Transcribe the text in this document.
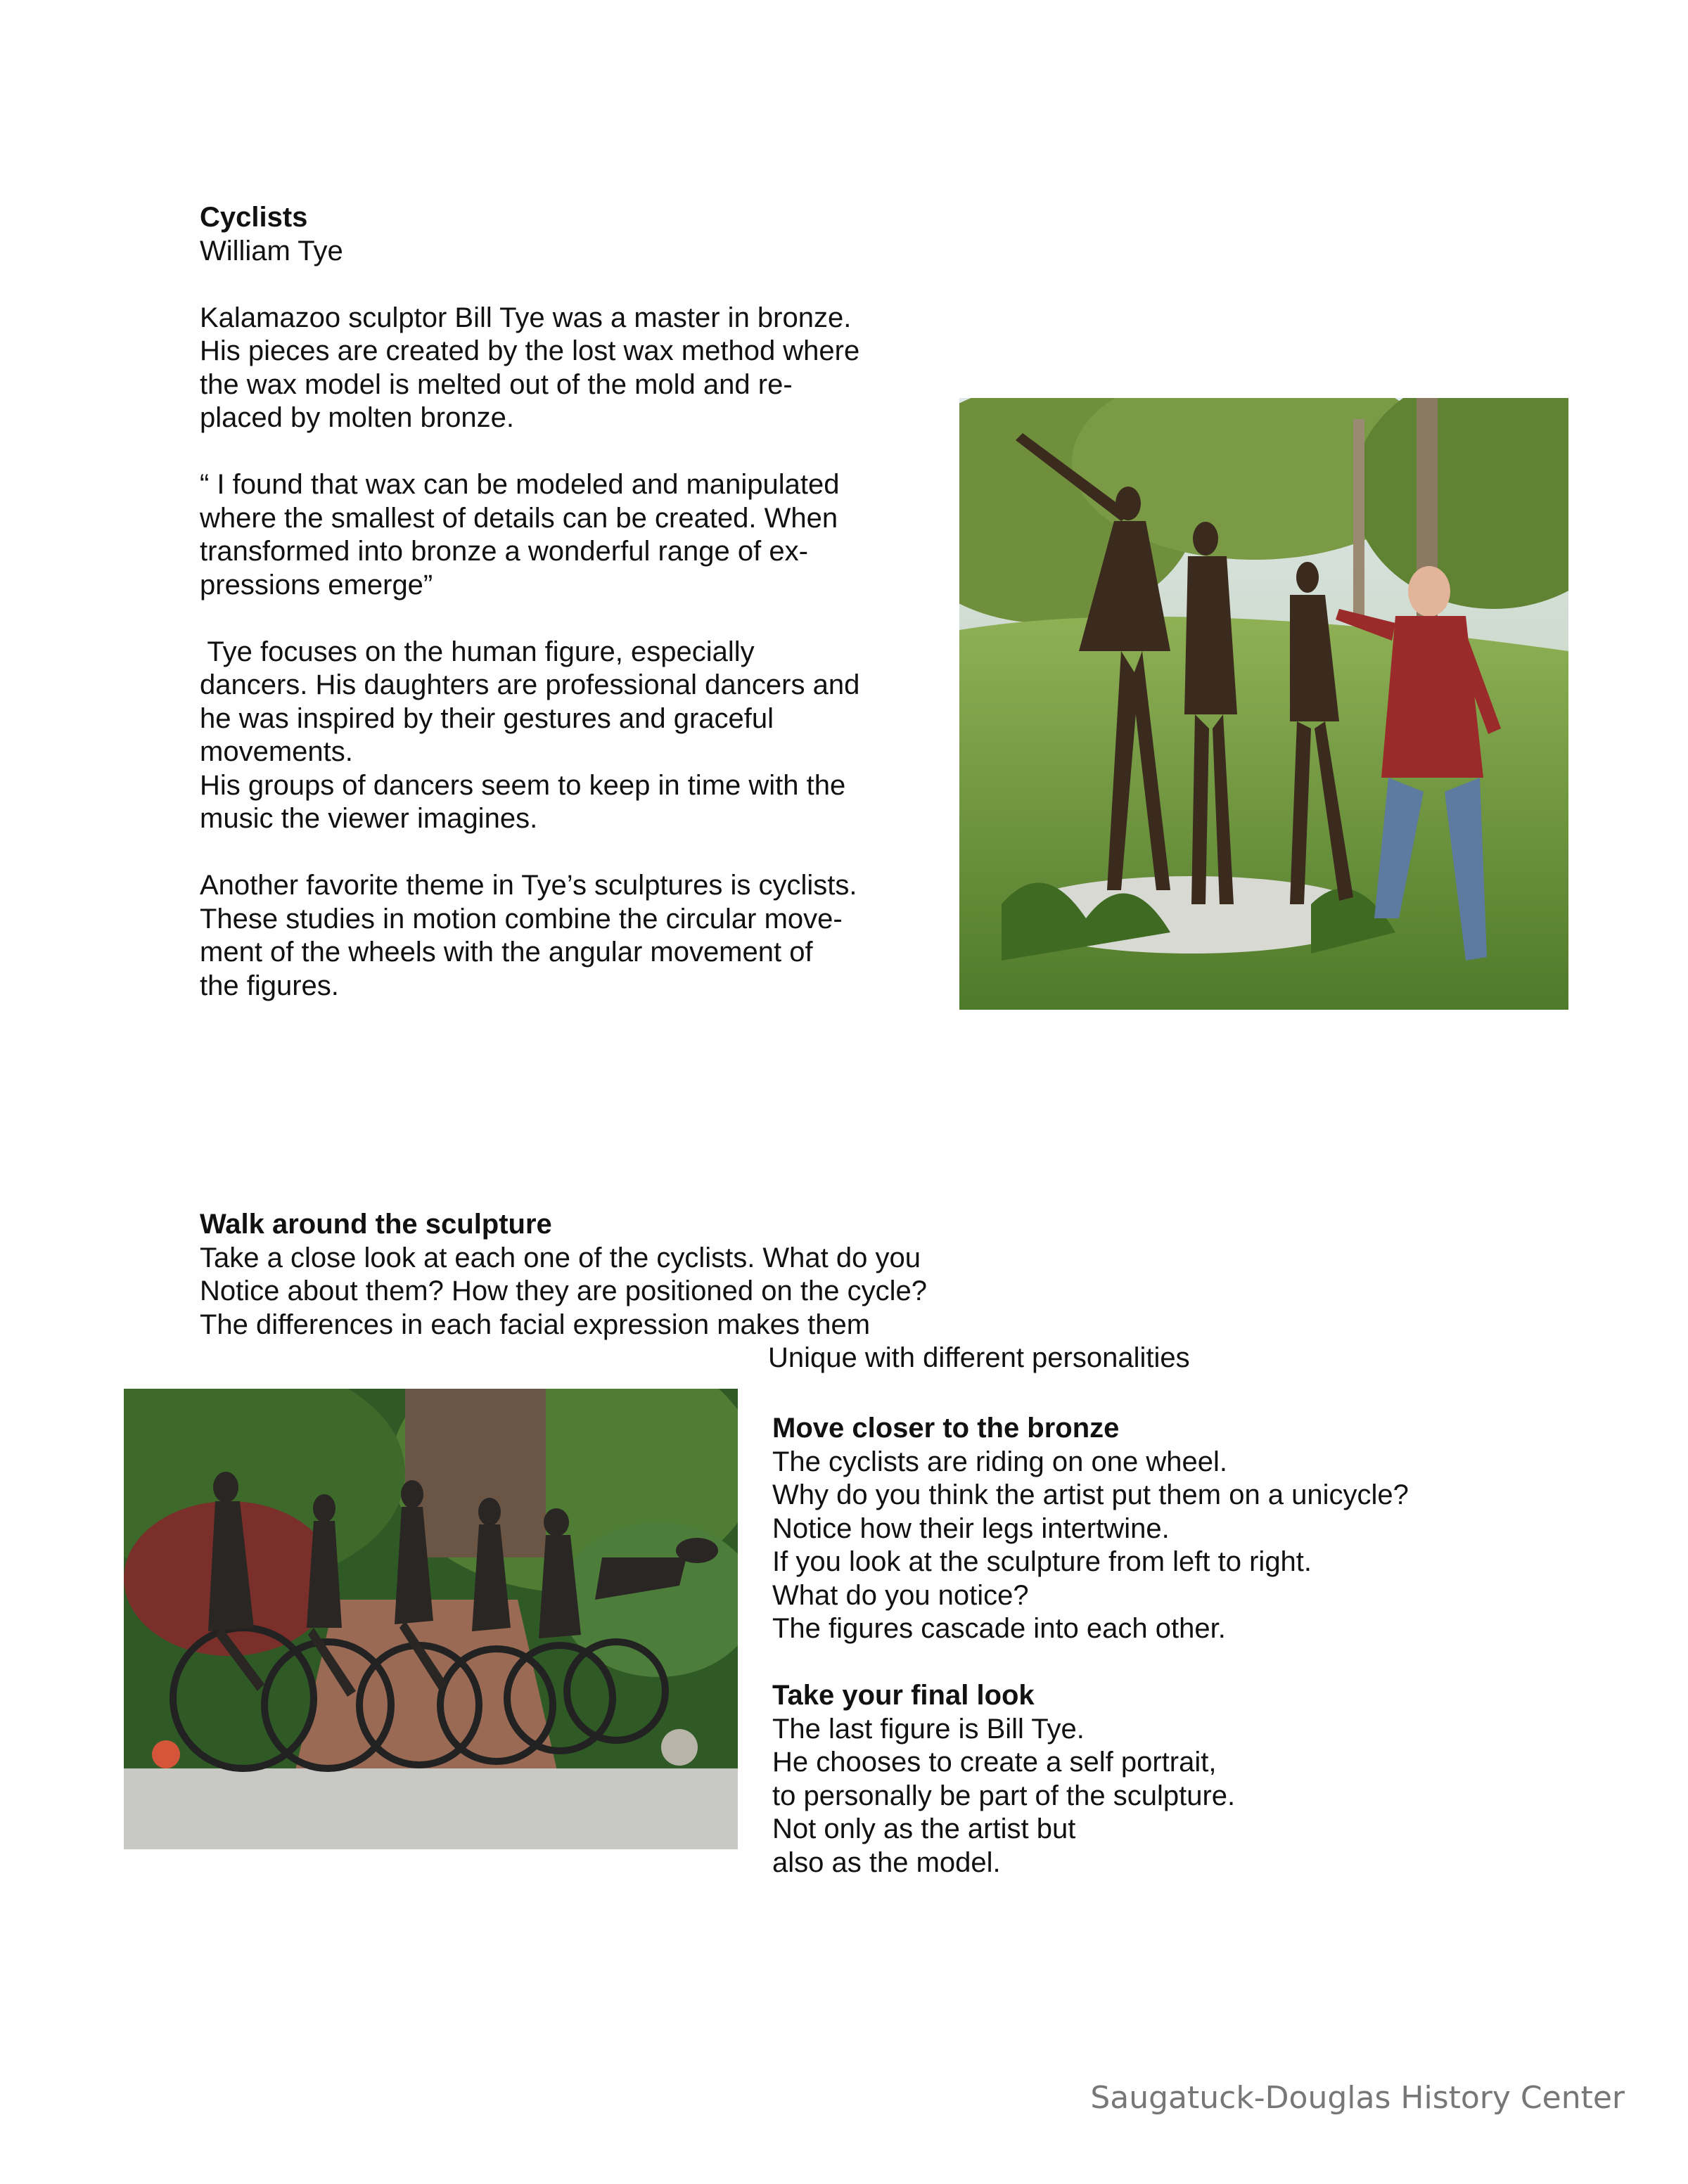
Cyclists
William Tye
Kalamazoo sculptor Bill Tye was a master in bronze.
His pieces are created by the lost wax method where
the wax model is melted out of the mold and re-
placed by molten bronze.
“ I found that wax can be modeled and manipulated
where the smallest of details can be created. When
transformed into bronze a wonderful range of ex-
pressions emerge”
Tye focuses on the human figure, especially
dancers. His daughters are professional dancers and
he was inspired by their gestures and graceful
movements.
His groups of dancers seem to keep in time with the
music the viewer imagines.
Another favorite theme in Tye’s sculptures is cyclists.
These studies in motion combine the circular move-
ment of the wheels with the angular movement of
the figures.
Walk around the sculpture
Take a close look at each one of the cyclists. What do you
Notice about them? How they are positioned on the cycle?
The differences in each facial expression makes them
Unique with different personalities
Move closer to the bronze
The cyclists are riding on one wheel.
Why do you think the artist put them on a unicycle?
Notice how their legs intertwine.
If you look at the sculpture from left to right.
What do you notice?
The figures cascade into each other.
Take your final look
The last figure is Bill Tye.
He chooses to create a self portrait,
to personally be part of the sculpture.
Not only as the artist but
also as the model.
Saugatuck-Douglas History Center
